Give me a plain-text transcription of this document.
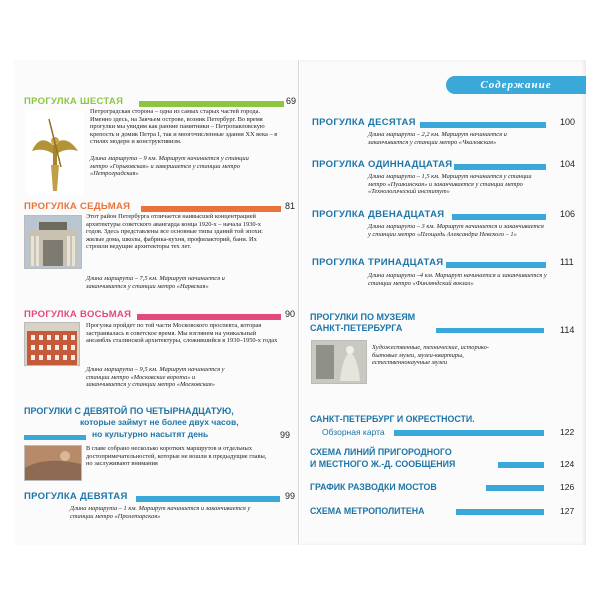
Содержание
ПРОГУЛКА ШЕСТАЯ	69
Петроградская сторона – одна из самых старых частей города. Именно здесь, на Заячьем острове, возник Петербург. Во время прогулки мы увидим как ранние памятники – Петропавловскую крепость и домик Петра I, так и многочисленные здания XX века – в стилях модерн и конструктивизм.
Длина маршрута – 9 км. Маршрут начинается у станции метро «Горьковская» и завершается у станции метро «Петроградская»
ПРОГУЛКА СЕДЬМАЯ	81
Этот район Петербурга отличается наивысшей концентрацией архитектуры советского авангарда конца 1920-х – начала 1930-х годов. Здесь представлены все основные типы зданий той эпохи: жилые дома, школы, фабрика-кухня, профилакторий, бани. Их строили ведущие архитекторы тех лет.
Длина маршрута – 7,5 км. Маршрут начинается и заканчивается у станции метро «Нарвская»
ПРОГУЛКА ВОСЬМАЯ	90
Прогулка пройдет по той части Московского проспекта, которая застраивалась в советское время. Мы взглянем на уникальный ансамбль сталинской архитектуры, сложившийся в 1930–1950-х годах
Длина маршрута – 9,5 км. Маршрут начинается у станции метро «Московские ворота» и заканчивается у станции метро «Московская»
ПРОГУЛКИ С ДЕВЯТОЙ ПО ЧЕТЫРНАДЦАТУЮ,
которые займут не более двух часов,
но культурно насытят день	99
В главе собрано несколько коротких маршрутов и отдельных достопримечательностей, которые не вошли в предыдущие главы, но заслуживают внимания
ПРОГУЛКА ДЕВЯТАЯ	99
Длина маршрута – 1 км. Маршрут начинается и заканчивается у станции метро «Пролетарская»
ПРОГУЛКА ДЕСЯТАЯ	100
Длина маршрута – 2,2 км. Маршрут начинается и заканчивается у станции метро «Чкаловская»
ПРОГУЛКА ОДИННАДЦАТАЯ	104
Длина маршрута – 1,5 км. Маршрут начинается у станции метро «Пушкинская» и заканчивается у станции метро «Технологический институт»
ПРОГУЛКА ДВЕНАДЦАТАЯ	106
Длина маршрута – 3 км. Маршрут начинается и заканчивается у станции метро «Площадь Александра Невского – 1»
ПРОГУЛКА ТРИНАДЦАТАЯ	111
Длина маршрута –4 км. Маршрут начинается и заканчивается у станции метро «Финляндский вокзал»
ПРОГУЛКИ ПО МУЗЕЯМ
САНКТ-ПЕТЕРБУРГА	114
Художественные, технические, историко-бытовые музеи, музеи-квартиры, естественнонаучные музеи
САНКТ-ПЕТЕРБУРГ И ОКРЕСТНОСТИ.
Обзорная карта	122
СХЕМА ЛИНИЙ ПРИГОРОДНОГО
И МЕСТНОГО Ж.-Д. СООБЩЕНИЯ	124
ГРАФИК РАЗВОДКИ МОСТОВ	126
СХЕМА МЕТРОПОЛИТЕНА	127
